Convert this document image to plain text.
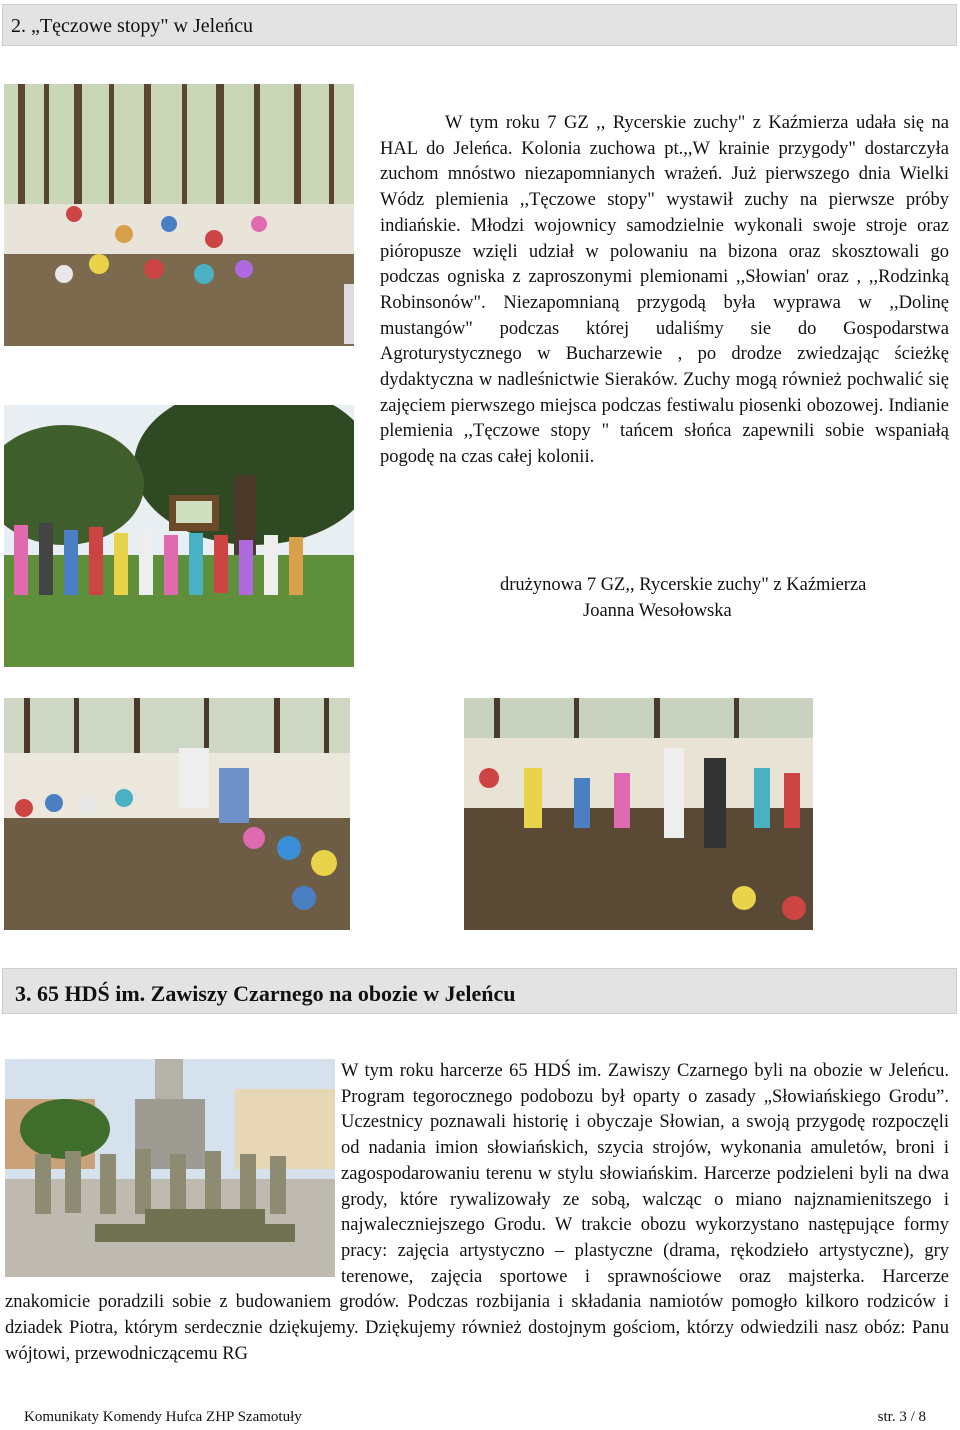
2. „Tęczowe stopy" w Jeleńcu

W tym roku 7 GZ ,, Rycerskie zuchy" z Kaźmierza udała się na HAL do Jeleńca. Kolonia zuchowa pt.,,W krainie przygody" dostarczyła zuchom mnóstwo niezapomnianych wrażeń. Już pierwszego dnia Wielki Wódz plemienia ,,Tęczowe stopy" wystawił zuchy na pierwsze próby indiańskie. Młodzi wojownicy samodzielnie wykonali swoje stroje oraz pióropusze wzięli udział w polowaniu na bizona oraz skosztowali go podczas ogniska z zaproszonymi plemionami ,,Słowian' oraz , ,,Rodzinką Robinsonów". Niezapomnianą przygodą była wyprawa w ,,Dolinę mustangów" podczas której udaliśmy sie do Gospodarstwa Agroturystycznego w Bucharzewie , po drodze zwiedzając ścieżkę dydaktyczna w nadleśnictwie Sieraków. Zuchy mogą również pochwalić się zajęciem pierwszego miejsca podczas festiwalu piosenki obozowej. Indianie plemienia ,,Tęczowe stopy " tańcem słońca zapewnili sobie wspaniałą pogodę na czas całej kolonii.

drużynowa 7 GZ,, Rycerskie zuchy" z Kaźmierza
Joanna Wesołowska
3. 65 HDŚ im. Zawiszy Czarnego na obozie w Jeleńcu

W tym roku harcerze 65 HDŚ im. Zawiszy Czarnego byli na obozie w Jeleńcu. Program tegorocznego podobozu był oparty o zasady „Słowiańskiego Grodu”. Uczestnicy poznawali historię i obyczaje Słowian, a swoją przygodę rozpoczęli od nadania imion słowiańskich, szycia strojów, wykonania amuletów, broni i zagospodarowaniu terenu w stylu słowiańskim. Harcerze podzieleni byli na dwa grody, które rywalizowały ze sobą, walcząc o miano najznamienitszego i najwaleczniejszego Grodu. W trakcie obozu wykorzystano następujące formy pracy: zajęcia artystyczno – plastyczne (drama, rękodzieło artystyczne), gry terenowe, zajęcia sportowe i sprawnościowe oraz majsterka. Harcerze znakomicie poradzili sobie z budowaniem grodów. Podczas rozbijania i składania namiotów pomogło kilkoro rodziców i dziadek Piotra, którym serdecznie dziękujemy. Dziękujemy również dostojnym gościom, którzy odwiedzili nasz obóz: Panu wójtowi, przewodniczącemu RG

Komunikaty Komendy Hufca ZHP Szamotuły	str. 3 / 8
